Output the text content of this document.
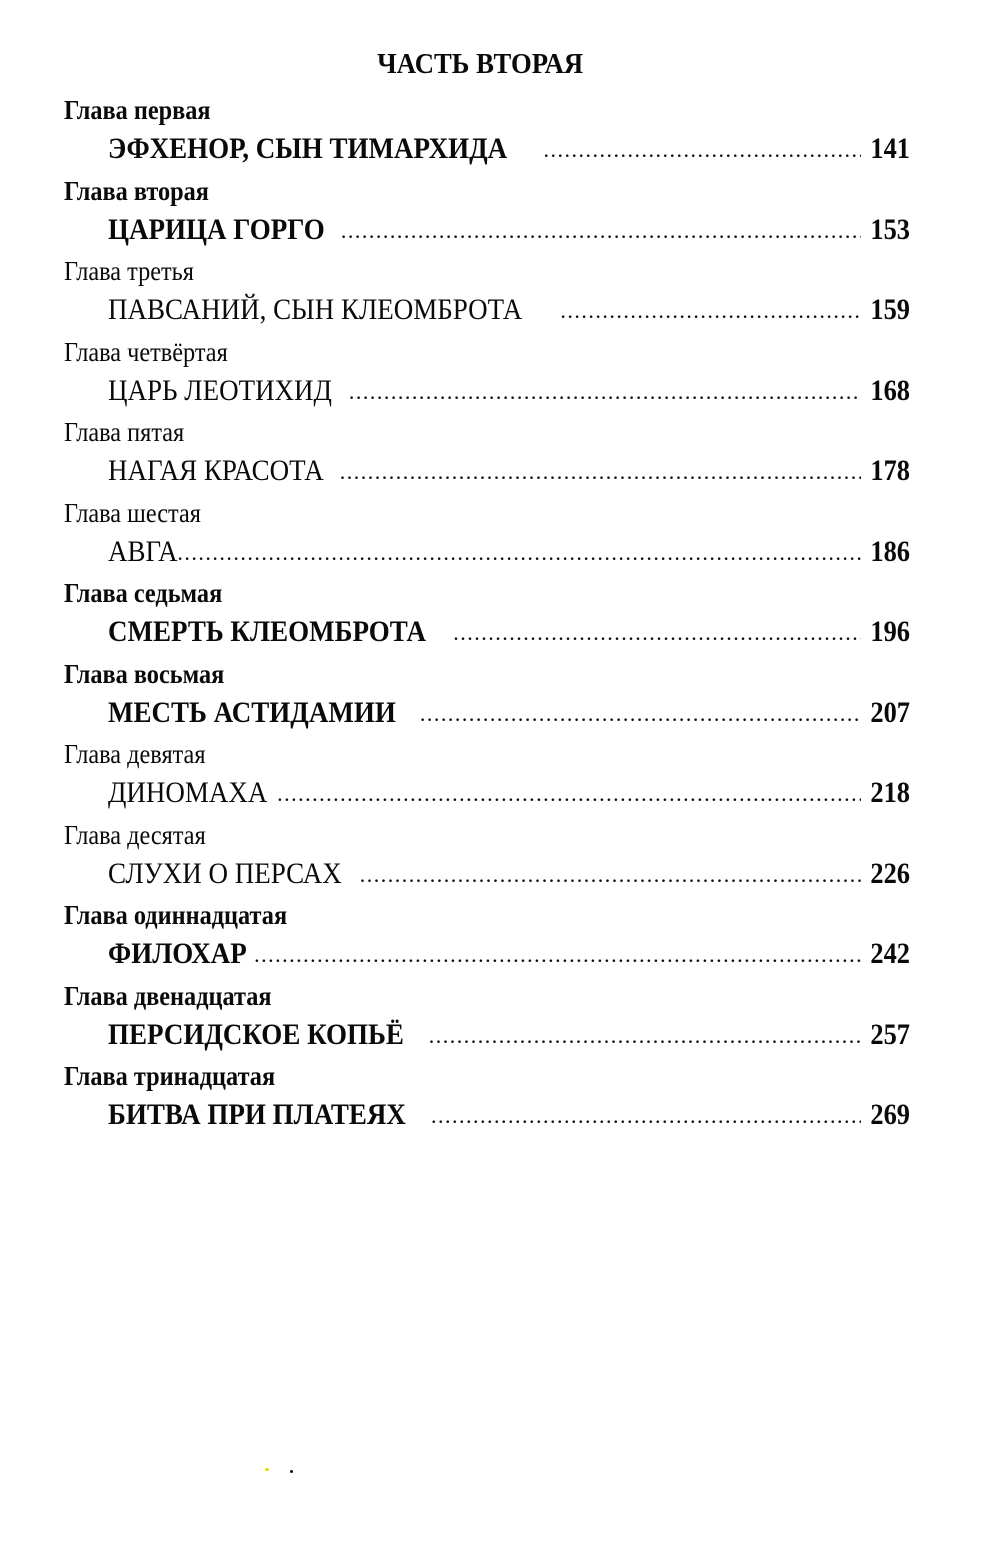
ЧАСТЬ ВТОРАЯ
Глава первая
ЭФХЕНОР, СЫН ТИМАРХИДА .....	141
Глава вторая
ЦАРИЦА ГОРГО .....	153
Глава третья
ПАВСАНИЙ, СЫН КЛЕОМБРОТА .....	159
Глава четвёртая
ЦАРЬ ЛЕОТИХИД .....	168
Глава пятая
НАГАЯ КРАСОТА .....	178
Глава шестая
АВГА .....	186
Глава седьмая
СМЕРТЬ КЛЕОМБРОТА .....	196
Глава восьмая
МЕСТЬ АСТИДАМИИ .....	207
Глава девятая
ДИНОМАХА .....	218
Глава десятая
СЛУХИ О ПЕРСАХ .....	226
Глава одиннадцатая
ФИЛОХАР .....	242
Глава двенадцатая
ПЕРСИДСКОЕ КОПЬЁ .....	257
Глава тринадцатая
БИТВА ПРИ ПЛАТЕЯХ .....	269
